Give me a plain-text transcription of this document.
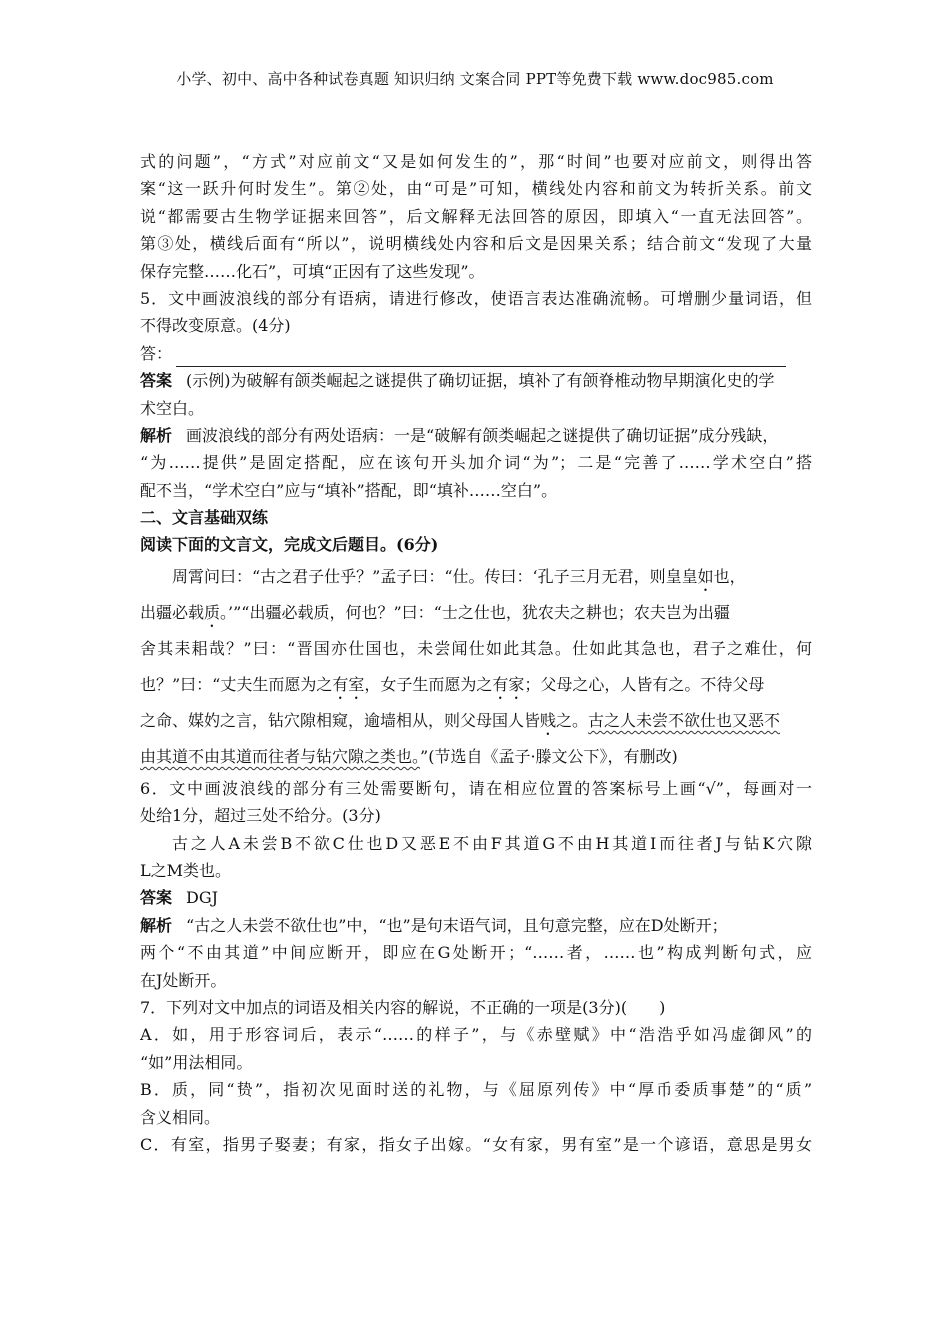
小学、初中、高中各种试卷真题 知识归纳 文案合同 PPT等免费下载 www.doc985.com
式的问题”，“方式”对应前文“又是如何发生的”，那“时间”也要对应前文，则得出答
案“这一跃升何时发生”。第②处，由“可是”可知，横线处内容和前文为转折关系。前文
说“都需要古生物学证据来回答”，后文解释无法回答的原因，即填入“一直无法回答”。
第③处，横线后面有“所以”，说明横线处内容和后文是因果关系；结合前文“发现了大量
保存完整……化石”，可填“正因有了这些发现”。
5．文中画波浪线的部分有语病，请进行修改，使语言表达准确流畅。可增删少量词语，但
不得改变原意。(4分)
答：
答案 (示例)为破解有颌类崛起之谜提供了确切证据，填补了有颌脊椎动物早期演化史的学
术空白。
解析 画波浪线的部分有两处语病：一是“破解有颌类崛起之谜提供了确切证据”成分残缺，
“为……提供”是固定搭配，应在该句开头加介词“为”；二是“完善了……学术空白”搭
配不当，“学术空白”应与“填补”搭配，即“填补……空白”。
二、文言基础双练
阅读下面的文言文，完成文后题目。(6分)
周霄问曰：“古之君子仕乎？”孟子曰：“仕。传曰：‘孔子三月无君，则皇皇如也，
出疆必载质。’”“出疆必载质，何也？”曰：“士之仕也，犹农夫之耕也；农夫岂为出疆
舍其耒耜哉？”曰：“晋国亦仕国也，未尝闻仕如此其急。仕如此其急也，君子之难仕，何
也？”曰：“丈夫生而愿为之有室，女子生而愿为之有家；父母之心，人皆有之。不待父母
之命、媒妁之言，钻穴隙相窥，逾墙相从，则父母国人皆贱之。古之人未尝不欲仕也又恶不
由其道不由其道而往者与钻穴隙之类也。”(节选自《孟子·滕文公下》，有删改)
6．文中画波浪线的部分有三处需要断句，请在相应位置的答案标号上画“√”，每画对一
处给1分，超过三处不给分。(3分)
古之人A未尝B不欲C仕也D又恶E不由F其道G不由H其道I而往者J与钻K穴隙
L之M类也。
答案 DGJ
解析 “古之人未尝不欲仕也”中，“也”是句末语气词，且句意完整，应在D处断开；
两个“不由其道”中间应断开，即应在G处断开；“……者，……也”构成判断句式，应
在J处断开。
7．下列对文中加点的词语及相关内容的解说，不正确的一项是(3分)(　　)
A．如，用于形容词后，表示“……的样子”，与《赤壁赋》中“浩浩乎如冯虚御风”的
“如”用法相同。
B．质，同“贽”，指初次见面时送的礼物，与《屈原列传》中“厚币委质事楚”的“质”
含义相同。
C．有室，指男子娶妻；有家，指女子出嫁。“女有家，男有室”是一个谚语，意思是男女
